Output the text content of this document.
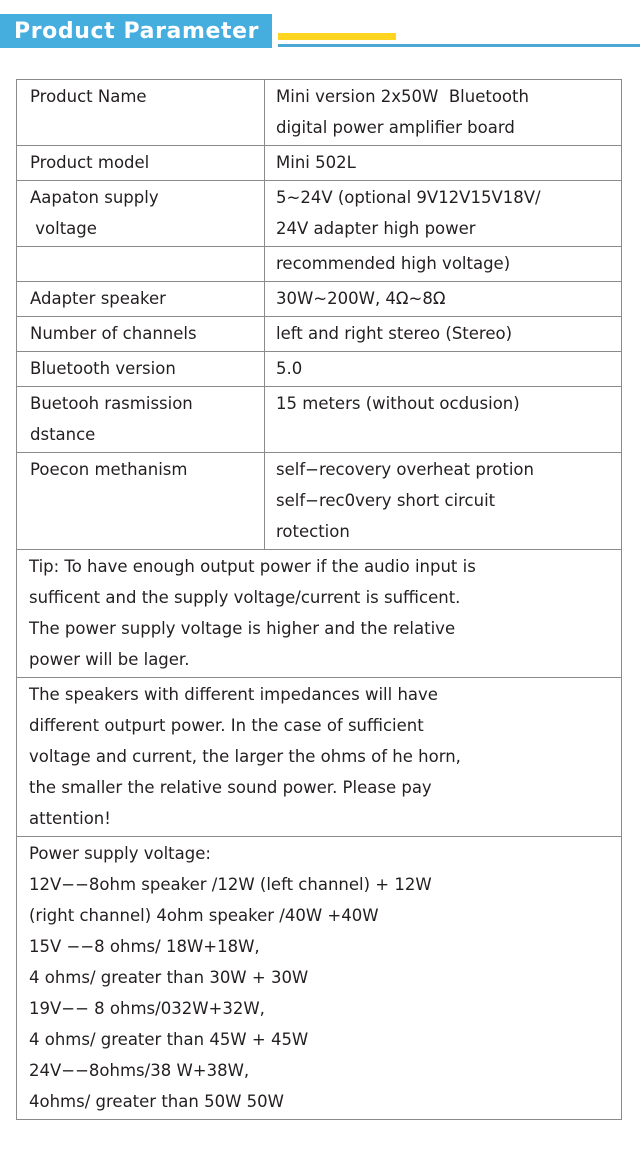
Product Parameter
Product Name	Mini version 2x50W  Bluetooth
digital power amplifier board

Product model	Mini 502L

Aapaton supply
voltage	5~24V (optional 9V12V15V18V/
24V adapter high power

	recommended high voltage)

Adapter speaker	30W~200W, 4Ω~8Ω

Number of channels	left and right stereo (Stereo)

Bluetooth version	5.0

Buetooh rasmission
dstance	15 meters (without ocdusion)

Poecon methanism	self−recovery overheat protion
self−rec0very short circuit
rotection

Tip: To have enough output power if the audio input is
sufficent and the supply voltage/current is sufficent.
The power supply voltage is higher and the relative
power will be lager.	

The speakers with different impedances will have
different outpurt power. In the case of sufficient
voltage and current, the larger the ohms of he horn,
the smaller the relative sound power. Please pay
attention!	

Power supply voltage:
12V−−8ohm speaker /12W (left channel) + 12W
(right channel) 4ohm speaker /40W +40W
15V −−8 ohms/ 18W+18W,
4 ohms/ greater than 30W + 30W
19V−− 8 ohms/032W+32W,
4 ohms/ greater than 45W + 45W
24V−−8ohms/38 W+38W,
4ohms/ greater than 50W 50W
